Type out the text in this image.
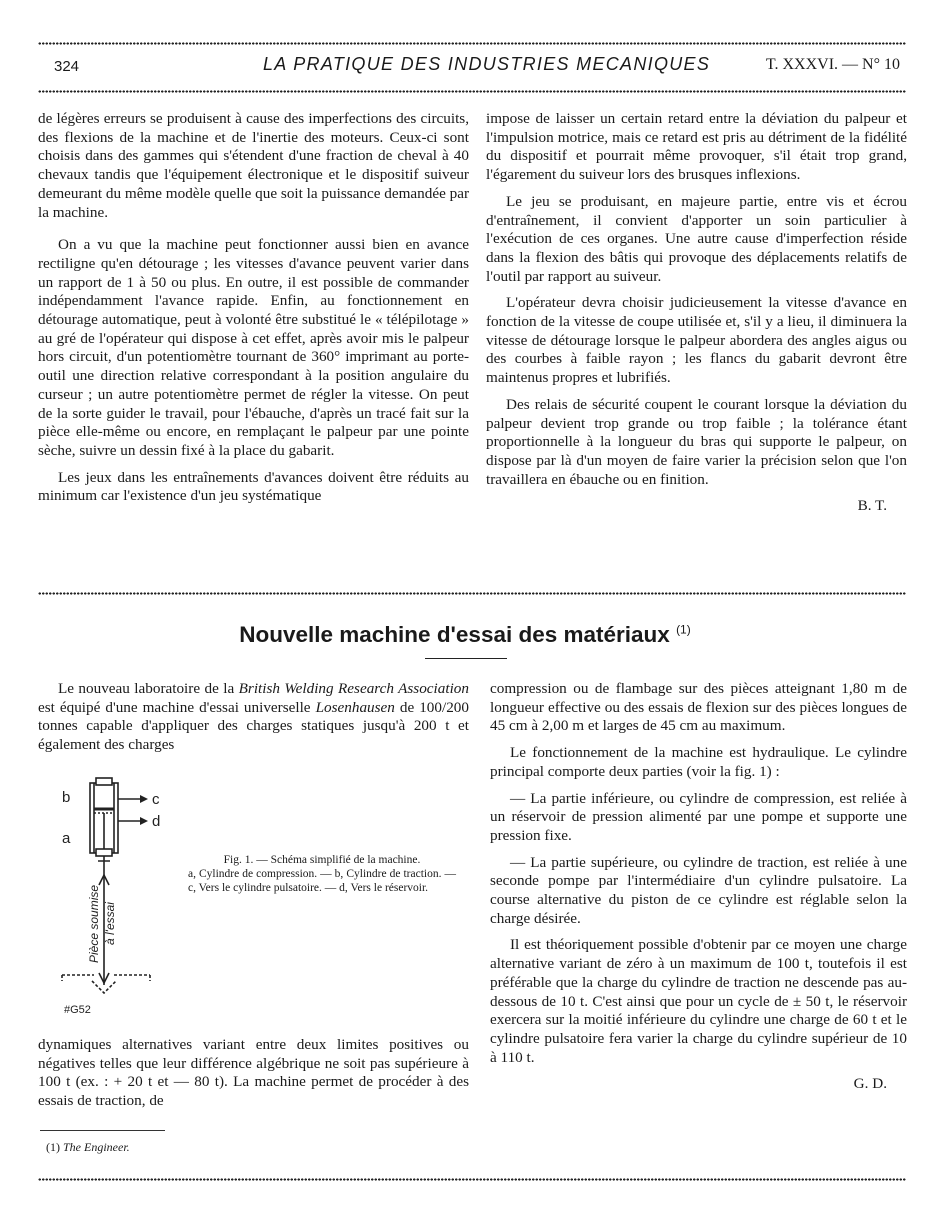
324	LA PRATIQUE DES INDUSTRIES MECANIQUES	T. XXXVI. — N° 10

de légères erreurs se produisent à cause des imperfections des circuits, des flexions de la machine et de l'inertie des moteurs. Ceux-ci sont choisis dans des gammes qui s'étendent d'une fraction de cheval à 40 chevaux tandis que l'équipement électronique et le dispositif suiveur demeurant du même modèle quelle que soit la puissance demandée par la machine.

On a vu que la machine peut fonctionner aussi bien en avance rectiligne qu'en détourage ; les vitesses d'avance peuvent varier dans un rapport de 1 à 50 ou plus. En outre, il est possible de commander indépendamment l'avance rapide. Enfin, au fonctionnement en détourage automatique, peut à volonté être substitué le « télépilotage » au gré de l'opérateur qui dispose à cet effet, après avoir mis le palpeur hors circuit, d'un potentiomètre tournant de 360° imprimant au porte-outil une direction relative correspondant à la position angulaire du curseur ; un autre potentiomètre permet de régler la vitesse. On peut de la sorte guider le travail, pour l'ébauche, d'après un tracé fait sur la pièce elle-même ou encore, en remplaçant le palpeur par une pointe sèche, suivre un dessin fixé à la place du gabarit.

Les jeux dans les entraînements d'avances doivent être réduits au minimum car l'existence d'un jeu systématique

impose de laisser un certain retard entre la déviation du palpeur et l'impulsion motrice, mais ce retard est pris au détriment de la fidélité du dispositif et pourrait même provoquer, s'il était trop grand, l'égarement du suiveur lors des brusques inflexions.

Le jeu se produisant, en majeure partie, entre vis et écrou d'entraînement, il convient d'apporter un soin particulier à l'exécution de ces organes. Une autre cause d'imperfection réside dans la flexion des bâtis qui provoque des déplacements relatifs de l'outil par rapport au suiveur.

L'opérateur devra choisir judicieusement la vitesse d'avance en fonction de la vitesse de coupe utilisée et, s'il y a lieu, il diminuera la vitesse de détourage lorsque le palpeur abordera des angles aigus ou des courbes à faible rayon ; les flancs du gabarit devront être maintenus propres et lubrifiés.

Des relais de sécurité coupent le courant lorsque la déviation du palpeur devient trop grande ou trop faible ; la tolérance étant proportionnelle à la longueur du bras qui supporte le palpeur, on dispose par là d'un moyen de faire varier la précision selon que l'on travaillera en ébauche ou en finition.

B. T.
Nouvelle machine d'essai des matériaux $^{(1)}$

Le nouveau laboratoire de la British Welding Research Association est équipé d'une machine d'essai universelle Losenhausen de 100/200 tonnes capable d'appliquer des charges statiques jusqu'à 200 t et également des charges

b
a
c
d
Pièce soumise à l'essai
#G52
Fig. 1. — Schéma simplifié de la machine.
a, Cylindre de compression. — b, Cylindre de traction. — c, Vers le cylindre pulsatoire. — d, Vers le réservoir.

dynamiques alternatives variant entre deux limites positives ou négatives telles que leur différence algébrique ne soit pas supérieure à 100 t (ex. : + 20 t et — 80 t). La machine permet de procéder à des essais de traction, de

(1) The Engineer.

compression ou de flambage sur des pièces atteignant 1,80 m de longueur effective ou des essais de flexion sur des pièces longues de 45 cm à 2,00 m et larges de 45 cm au maximum.

Le fonctionnement de la machine est hydraulique. Le cylindre principal comporte deux parties (voir la fig. 1) :

— La partie inférieure, ou cylindre de compression, est reliée à un réservoir de pression alimenté par une pompe et supporte une pression fixe.

— La partie supérieure, ou cylindre de traction, est reliée à une seconde pompe par l'intermédiaire d'un cylindre pulsatoire. La course alternative du piston de ce cylindre est réglable selon la charge désirée.

Il est théoriquement possible d'obtenir par ce moyen une charge alternative variant de zéro à un maximum de 100 t, toutefois il est préférable que la charge du cylindre de traction ne descende pas au-dessous de 10 t. C'est ainsi que pour un cycle de ± 50 t, le réservoir exercera sur la moitié inférieure du cylindre une charge de 60 t et le cylindre pulsatoire fera varier la charge du cylindre supérieur de 10 à 110 t.

G. D.
